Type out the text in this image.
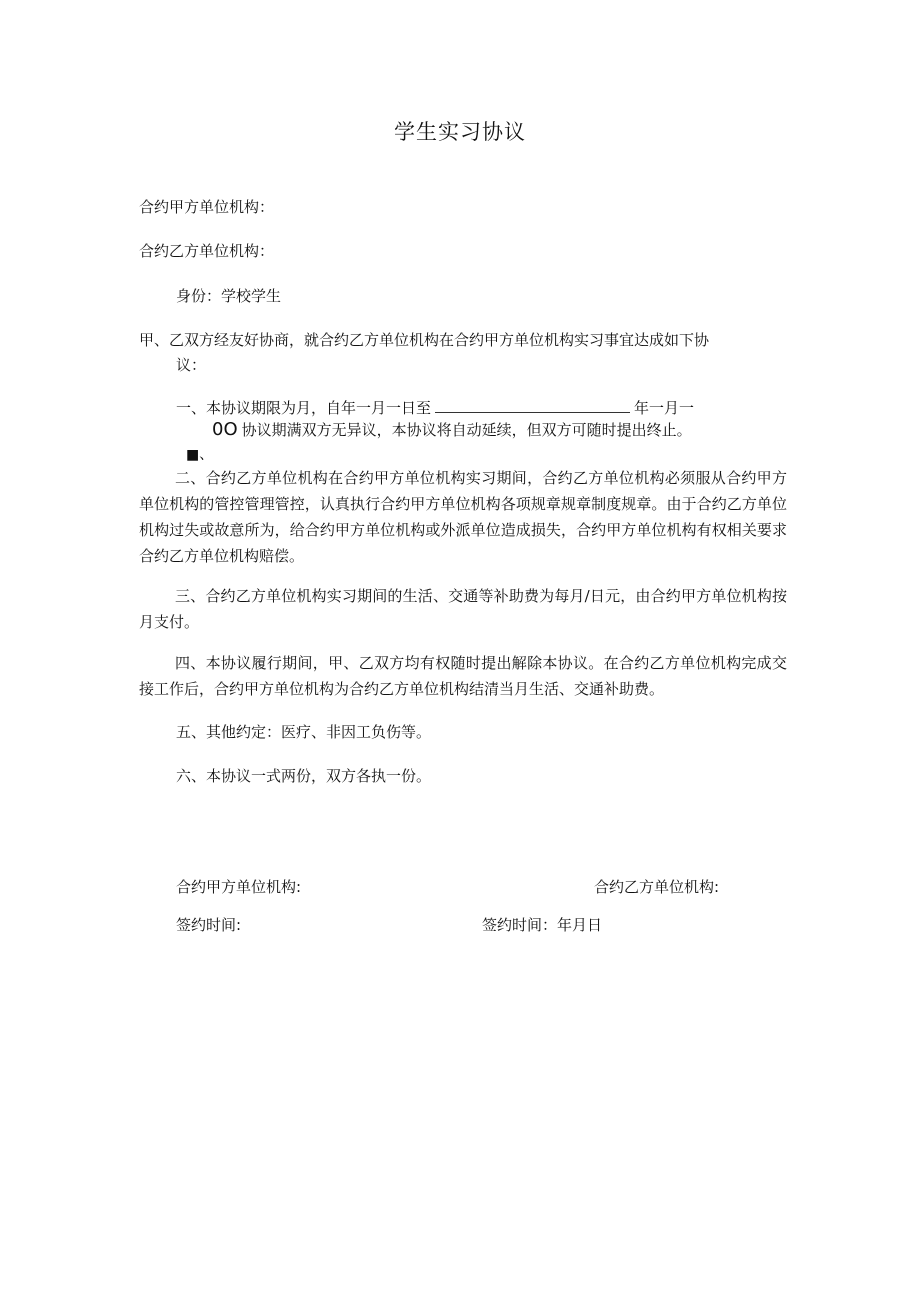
学生实习协议
合约甲方单位机构：
合约乙方单位机构：
身份：学校学生
甲、乙双方经友好协商，就合约乙方单位机构在合约甲方单位机构实习事宜达成如下协
议：
一、本协议期限为月，自年一月一日至	年一月一
0O 协议期满双方无异议，本协议将自动延续，但双方可随时提出终止。
■、
二、合约乙方单位机构在合约甲方单位机构实习期间，合约乙方单位机构必须服从合约甲方单位机构的管控管理管控，认真执行合约甲方单位机构各项规章规章制度规章。由于合约乙方单位机构过失或故意所为，给合约甲方单位机构或外派单位造成损失，合约甲方单位机构有权相关要求合约乙方单位机构赔偿。
三、合约乙方单位机构实习期间的生活、交通等补助费为每月/日元，由合约甲方单位机构按月支付。
四、本协议履行期间，甲、乙双方均有权随时提出解除本协议。在合约乙方单位机构完成交接工作后，合约甲方单位机构为合约乙方单位机构结清当月生活、交通补助费。
五、其他约定：医疗、非因工负伤等。
六、本协议一式两份，双方各执一份。
合约甲方单位机构:	合约乙方单位机构:
签约时间:	签约时间：年月日
